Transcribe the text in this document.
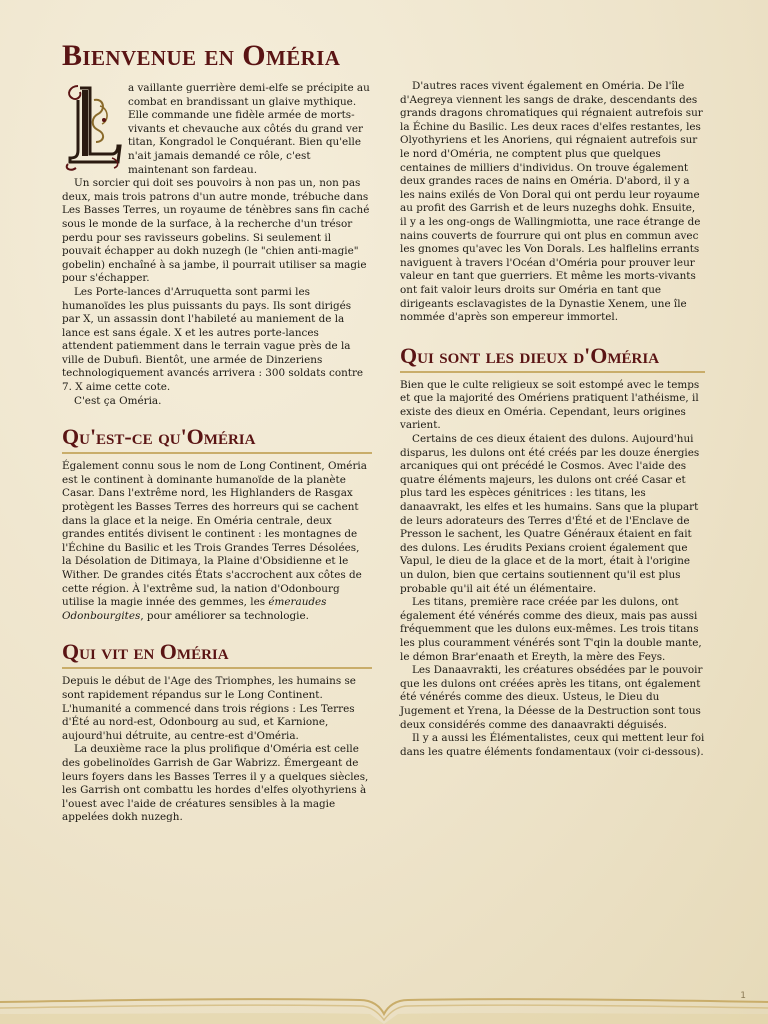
Bienvenue en Oméria

a vaillante guerrière demi-elfe se précipite au combat en brandissant un glaive mythique. Elle commande une fidèle armée de morts-vivants et chevauche aux côtés du grand ver titan, Kongradol le Conquérant. Bien qu'elle n'ait jamais demandé ce rôle, c'est maintenant son fardeau.

Un sorcier qui doit ses pouvoirs à non pas un, non pas deux, mais trois patrons d'un autre monde, trébuche dans Les Basses Terres, un royaume de ténèbres sans fin caché sous le monde de la surface, à la recherche d'un trésor perdu pour ses ravisseurs gobelins. Si seulement il pouvait échapper au dokh nuzegh (le "chien anti-magie" gobelin) enchaîné à sa jambe, il pourrait utiliser sa magie pour s'échapper.

Les Porte-lances d'Arruquetta sont parmi les humanoïdes les plus puissants du pays. Ils sont dirigés par X, un assassin dont l'habileté au maniement de la lance est sans égale. X et les autres porte-lances attendent patiemment dans le terrain vague près de la ville de Dubufi. Bientôt, une armée de Dinzeriens technologiquement avancés arrivera : 300 soldats contre 7. X aime cette cote.

C'est ça Oméria.

Qu'est-ce qu'Oméria

Également connu sous le nom de Long Continent, Oméria est le continent à dominante humanoïde de la planète Casar. Dans l'extrême nord, les Highlanders de Rasgax protègent les Basses Terres des horreurs qui se cachent dans la glace et la neige. En Oméria centrale, deux grandes entités divisent le continent : les montagnes de l'Échine du Basilic et les Trois Grandes Terres Désolées, la Désolation de Ditimaya, la Plaine d'Obsidienne et le Wither. De grandes cités États s'accrochent aux côtes de cette région. À l'extrême sud, la nation d'Odonbourg utilise la magie innée des gemmes, les émeraudes Odonbourgites, pour améliorer sa technologie.

Qui vit en Oméria

Depuis le début de l'Age des Triomphes, les humains se sont rapidement répandus sur le Long Continent. L'humanité a commencé dans trois régions : Les Terres d'Été au nord-est, Odonbourg au sud, et Karnione, aujourd'hui détruite, au centre-est d'Oméria.

La deuxième race la plus prolifique d'Oméria est celle des gobelinoïdes Garrish de Gar Wabrizz. Émergeant de leurs foyers dans les Basses Terres il y a quelques siècles, les Garrish ont combattu les hordes d'elfes olyothyriens à l'ouest avec l'aide de créatures sensibles à la magie appelées dokh nuzegh.

D'autres races vivent également en Oméria. De l'île d'Aegreya viennent les sangs de drake, descendants des grands dragons chromatiques qui régnaient autrefois sur la Échine du Basilic. Les deux races d'elfes restantes, les Olyothyriens et les Anoriens, qui régnaient autrefois sur le nord d'Oméria, ne comptent plus que quelques centaines de milliers d'individus. On trouve également deux grandes races de nains en Oméria. D'abord, il y a les nains exilés de Von Doral qui ont perdu leur royaume au profit des Garrish et de leurs nuzeghs dohk. Ensuite, il y a les ong-ongs de Wallingmiotta, une race étrange de nains couverts de fourrure qui ont plus en commun avec les gnomes qu'avec les Von Dorals. Les halflelins errants naviguent à travers l'Océan d'Oméria pour prouver leur valeur en tant que guerriers. Et même les morts-vivants ont fait valoir leurs droits sur Oméria en tant que dirigeants esclavagistes de la Dynastie Xenem, une île nommée d'après son empereur immortel.

Qui sont les dieux d'Oméria

Bien que le culte religieux se soit estompé avec le temps et que la majorité des Omériens pratiquent l'athéisme, il existe des dieux en Oméria. Cependant, leurs origines varient.

Certains de ces dieux étaient des dulons. Aujourd'hui disparus, les dulons ont été créés par les douze énergies arcaniques qui ont précédé le Cosmos. Avec l'aide des quatre éléments majeurs, les dulons ont créé Casar et plus tard les espèces génitrices : les titans, les danaavrakt, les elfes et les humains. Sans que la plupart de leurs adorateurs des Terres d'Été et de l'Enclave de Presson le sachent, les Quatre Généraux étaient en fait des dulons. Les érudits Pexians croient également que Vapul, le dieu de la glace et de la mort, était à l'origine un dulon, bien que certains soutiennent qu'il est plus probable qu'il ait été un élémentaire.

Les titans, première race créée par les dulons, ont également été vénérés comme des dieux, mais pas aussi fréquemment que les dulons eux-mêmes. Les trois titans les plus couramment vénérés sont T'qin la double mante, le démon Brar'enaath et Ereyth, la mère des Feys.

Les Danaavrakti, les créatures obsédées par le pouvoir que les dulons ont créées après les titans, ont également été vénérés comme des dieux. Usteus, le Dieu du Jugement et Yrena, la Déesse de la Destruction sont tous deux considérés comme des danaavrakti déguisés.

Il y a aussi les Élémentalistes, ceux qui mettent leur foi dans les quatre éléments fondamentaux (voir ci-dessous).

1
